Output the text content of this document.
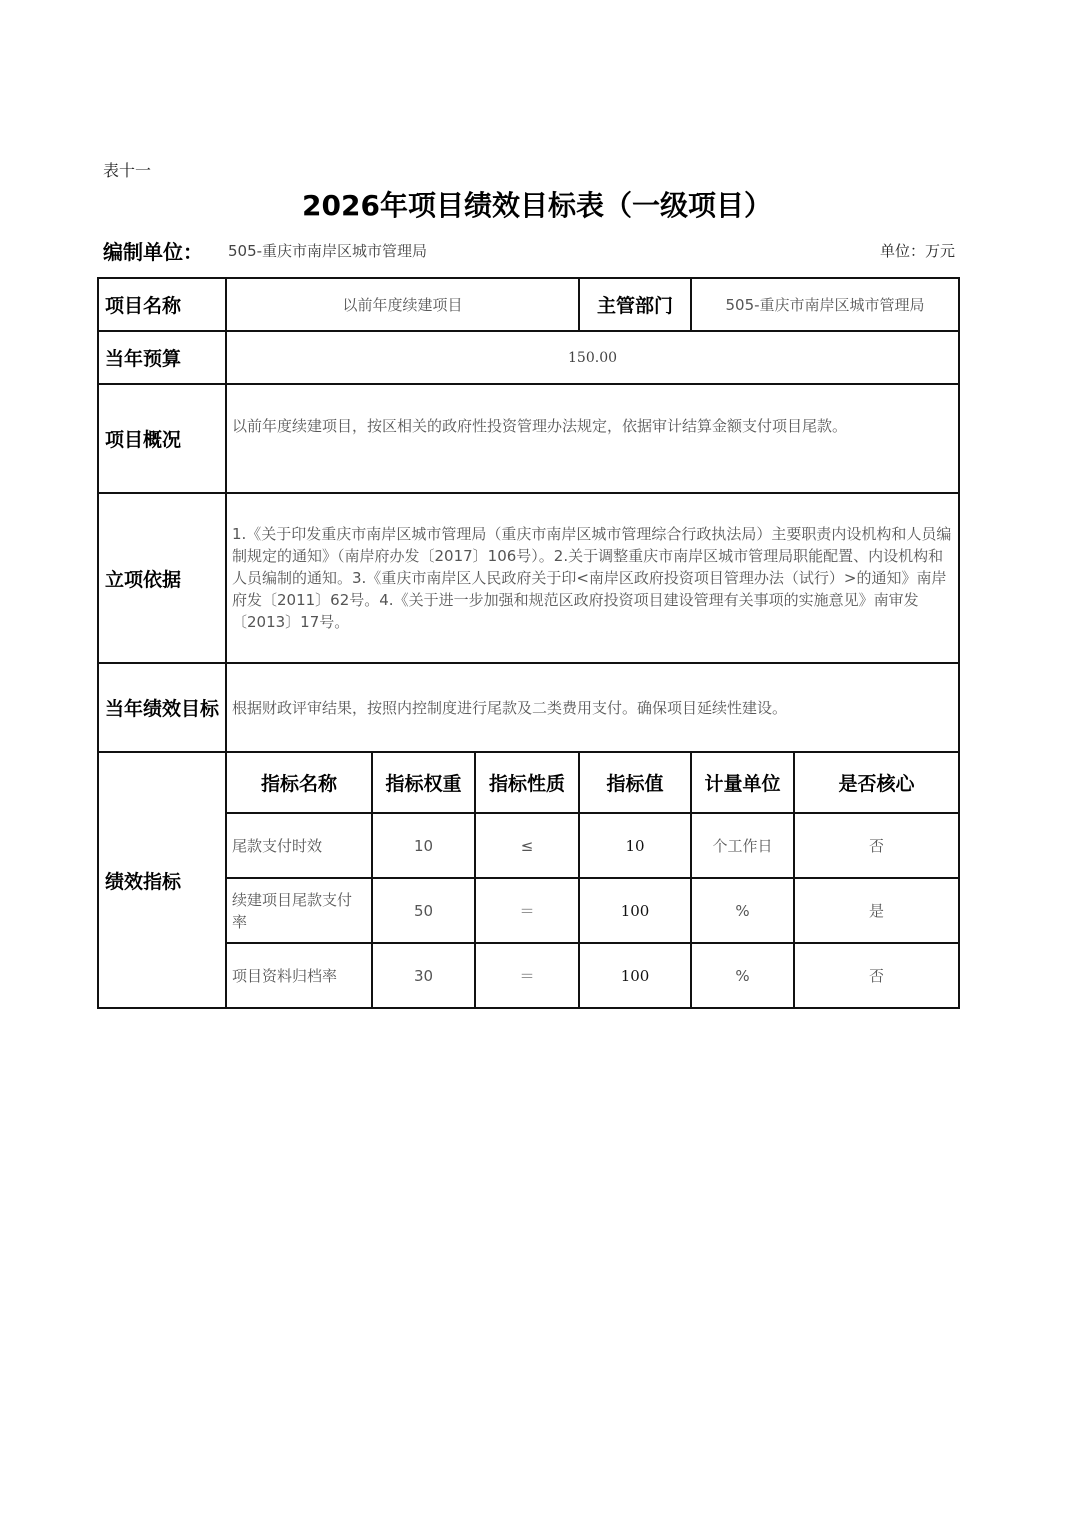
表十一
2026年项目绩效目标表（一级项目）
编制单位： 505-重庆市南岸区城市管理局	单位：万元
项目名称	以前年度续建项目			主管部门	505-重庆市南岸区城市管理局	
当年预算	150.00					
项目概况	以前年度续建项目，按区相关的政府性投资管理办法规定，依据审计结算金额支付项目尾款。					
立项依据	1.《关于印发重庆市南岸区城市管理局（重庆市南岸区城市管理综合行政执法局）主要职责内设机构和人员编制规定的通知》（南岸府办发〔2017〕106号）。2.关于调整重庆市南岸区城市管理局职能配置、内设机构和人员编制的通知。3.《重庆市南岸区人民政府关于印<南岸区政府投资项目管理办法（试行）>的通知》南岸府发〔2011〕62号。4.《关于进一步加强和规范区政府投资项目建设管理有关事项的实施意见》南审发〔2013〕17号。					
当年绩效目标	根据财政评审结果，按照内控制度进行尾款及二类费用支付。确保项目延续性建设。					
绩效指标	指标名称	指标权重	指标性质	指标值	计量单位	是否核心
	尾款支付时效	10	≤	10	个工作日	否
	续建项目尾款支付率	50	＝	100	%	是
	项目资料归档率	30	＝	100	%	否
